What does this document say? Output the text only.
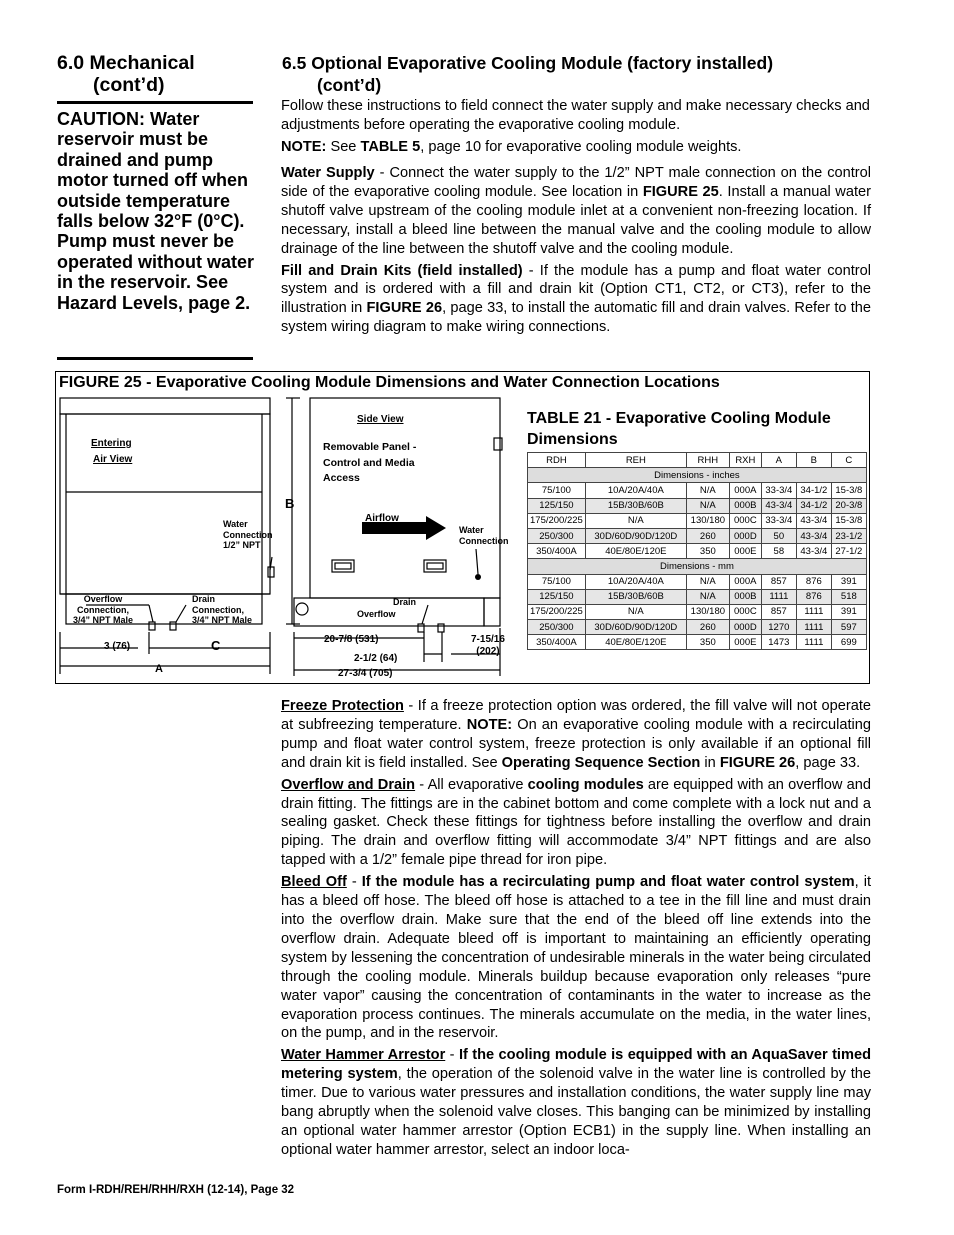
6.0 Mechanical
(cont’d)
CAUTION: Water reservoir must be drained and pump motor turned off when outside temperature falls below 32°F (0°C). Pump must never be operated without water in the reservoir. See Hazard Levels, page 2.
6.5 Optional Evaporative Cooling Module (factory installed)
(cont’d)

Follow these instructions to field connect the water supply and make necessary checks and adjustments before operating the evaporative cooling module.

NOTE: See TABLE 5, page 10 for evaporative cooling module weights.

Water Supply - Connect the water supply to the 1/2” NPT male connection on the control side of the evaporative cooling module. See location in FIGURE 25. Install a manual water shutoff valve upstream of the cooling module inlet at a convenient non-freezing location. If necessary, install a bleed line between the manual valve and the cooling module to allow drainage of the line between the shutoff valve and the cooling module.

Fill and Drain Kits (field installed) - If the module has a pump and float water control system and is ordered with a fill and drain kit (Option CT1, CT2, or CT3), refer to the illustration in FIGURE 26, page 33, to install the automatic fill and drain valves. Refer to the system wiring diagram to make wiring connections.

FIGURE 25 - Evaporative Cooling Module Dimensions and Water Connection Locations
Entering
Air View
Side View
Removable Panel -
Control and Media
Access
Airflow
Water
Connection
1/2” NPT
Water
Connection
Overflow
Connection,
3/4” NPT Male
Drain
Connection,
3/4” NPT Male
Drain
Overflow
B
C
A
3 (76)
20-7/8 (531)
2-1/2 (64)
27-3/4 (705)
7-15/16
(202)
TABLE 21 - Evaporative Cooling Module Dimensions
RDH	REH	RHH	RXH	A	B	C
Dimensions - inches						
75/100	10A/20A/40A	N/A	000A	33-3/4	34-1/2	15-3/8
125/150	15B/30B/60B	N/A	000B	43-3/4	34-1/2	20-3/8
175/200/225	N/A	130/180	000C	33-3/4	43-3/4	15-3/8
250/300	30D/60D/90D/120D	260	000D	50	43-3/4	23-1/2
350/400A	40E/80E/120E	350	000E	58	43-3/4	27-1/2
Dimensions - mm						
75/100	10A/20A/40A	N/A	000A	857	876	391
125/150	15B/30B/60B	N/A	000B	1111	876	518
175/200/225	N/A	130/180	000C	857	1111	391
250/300	30D/60D/90D/120D	260	000D	1270	1111	597
350/400A	40E/80E/120E	350	000E	1473	1111	699

Freeze Protection - If a freeze protection option was ordered, the fill valve will not operate at subfreezing temperature. NOTE: On an evaporative cooling module with a recirculating pump and float water control system, freeze protection is only available if an optional fill and drain kit is field installed. See Operating Sequence Section in FIGURE 26, page 33.

Overflow and Drain - All evaporative cooling modules are equipped with an overflow and drain fitting. The fittings are in the cabinet bottom and come complete with a lock nut and a sealing gasket. Check these fittings for tightness before installing the overflow and drain piping. The drain and overflow fitting will accommodate 3/4” NPT fittings and are also tapped with a 1/2” female pipe thread for iron pipe.

Bleed Off - If the module has a recirculating pump and float water control system, it has a bleed off hose. The bleed off hose is attached to a tee in the fill line and must drain into the overflow drain. Make sure that the end of the bleed off line extends into the overflow drain. Adequate bleed off is important to maintaining an efficiently operating system by lessening the concentration of undesirable minerals in the water being circulated through the cooling module. Minerals buildup because evaporation only releases “pure water vapor” causing the concentration of contaminants in the water to increase as the evaporation process continues. The minerals accumulate on the media, in the water lines, on the pump, and in the reservoir.

Water Hammer Arrestor - If the cooling module is equipped with an AquaSaver timed metering system, the operation of the solenoid valve in the water line is controlled by the timer. Due to various water pressures and installation conditions, the water supply line may bang abruptly when the solenoid valve closes. This banging can be minimized by installing an optional water hammer arrestor (Option ECB1) in the supply line. When installing an optional water hammer arrestor, select an indoor loca-

Form I-RDH/REH/RHH/RXH (12-14), Page 32
